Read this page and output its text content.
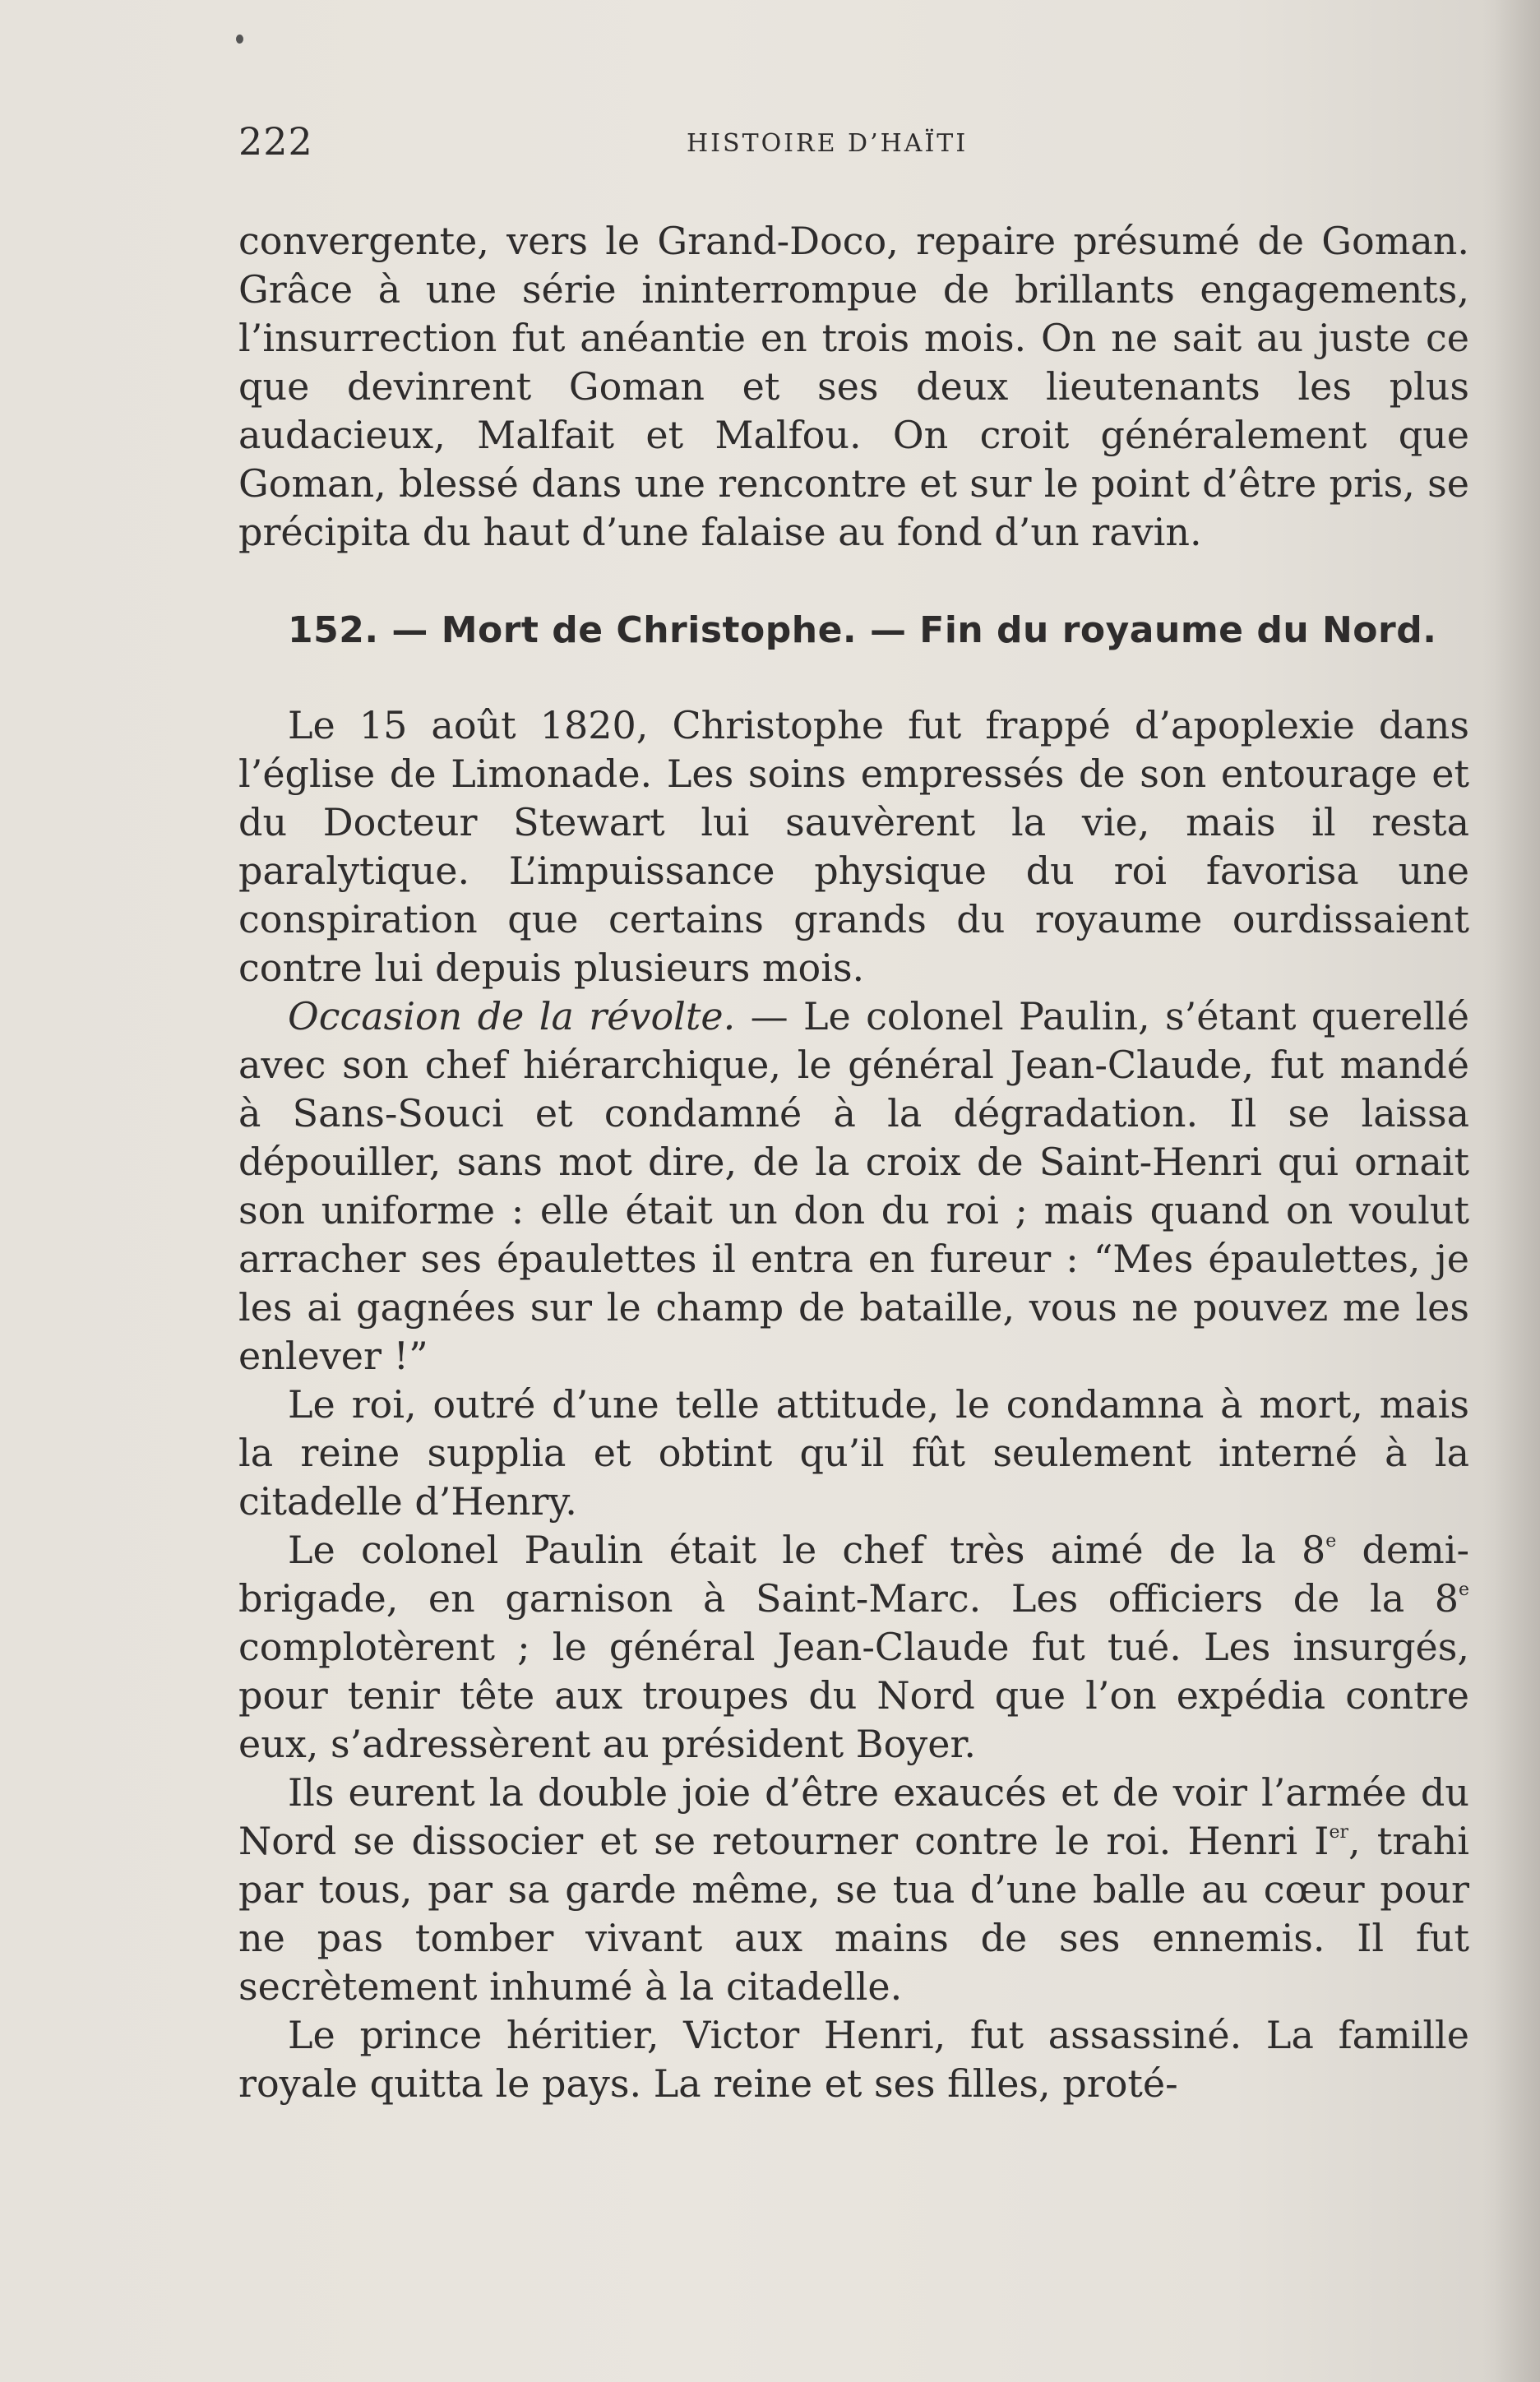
222	HISTOIRE D’HAÏTI

convergente, vers le Grand-Doco, repaire présumé de Goman. Grâce à une série ininterrompue de brillants engagements, l’insurrection fut anéantie en trois mois. On ne sait au juste ce que devinrent Goman et ses deux lieutenants les plus audacieux, Malfait et Malfou. On croit généralement que Goman, blessé dans une rencontre et sur le point d’être pris, se précipita du haut d’une falaise au fond d’un ravin.

152. — Mort de Christophe. — Fin du royaume du Nord.

Le 15 août 1820, Christophe fut frappé d’apoplexie dans l’église de Limonade. Les soins empressés de son entourage et du Docteur Stewart lui sauvèrent la vie, mais il resta paralytique. L’impuissance physique du roi favorisa une conspiration que certains grands du royaume ourdissaient contre lui depuis plusieurs mois.

Occasion de la révolte. — Le colonel Paulin, s’étant querellé avec son chef hiérarchique, le général Jean-Claude, fut mandé à Sans-Souci et condamné à la dégradation. Il se laissa dépouiller, sans mot dire, de la croix de Saint-Henri qui ornait son uniforme : elle était un don du roi ; mais quand on voulut arracher ses épaulettes il entra en fureur : “Mes épaulettes, je les ai gagnées sur le champ de bataille, vous ne pouvez me les enlever !”

Le roi, outré d’une telle attitude, le condamna à mort, mais la reine supplia et obtint qu’il fût seulement interné à la citadelle d’Henry.

Le colonel Paulin était le chef très aimé de la 8e demi-brigade, en garnison à Saint-Marc. Les officiers de la 8e complotèrent ; le général Jean-Claude fut tué. Les insurgés, pour tenir tête aux troupes du Nord que l’on expédia contre eux, s’adressèrent au président Boyer.

Ils eurent la double joie d’être exaucés et de voir l’armée du Nord se dissocier et se retourner contre le roi. Henri Ier, trahi par tous, par sa garde même, se tua d’une balle au cœur pour ne pas tomber vivant aux mains de ses ennemis. Il fut secrètement inhumé à la citadelle.

Le prince héritier, Victor Henri, fut assassiné. La famille royale quitta le pays. La reine et ses filles, proté-
